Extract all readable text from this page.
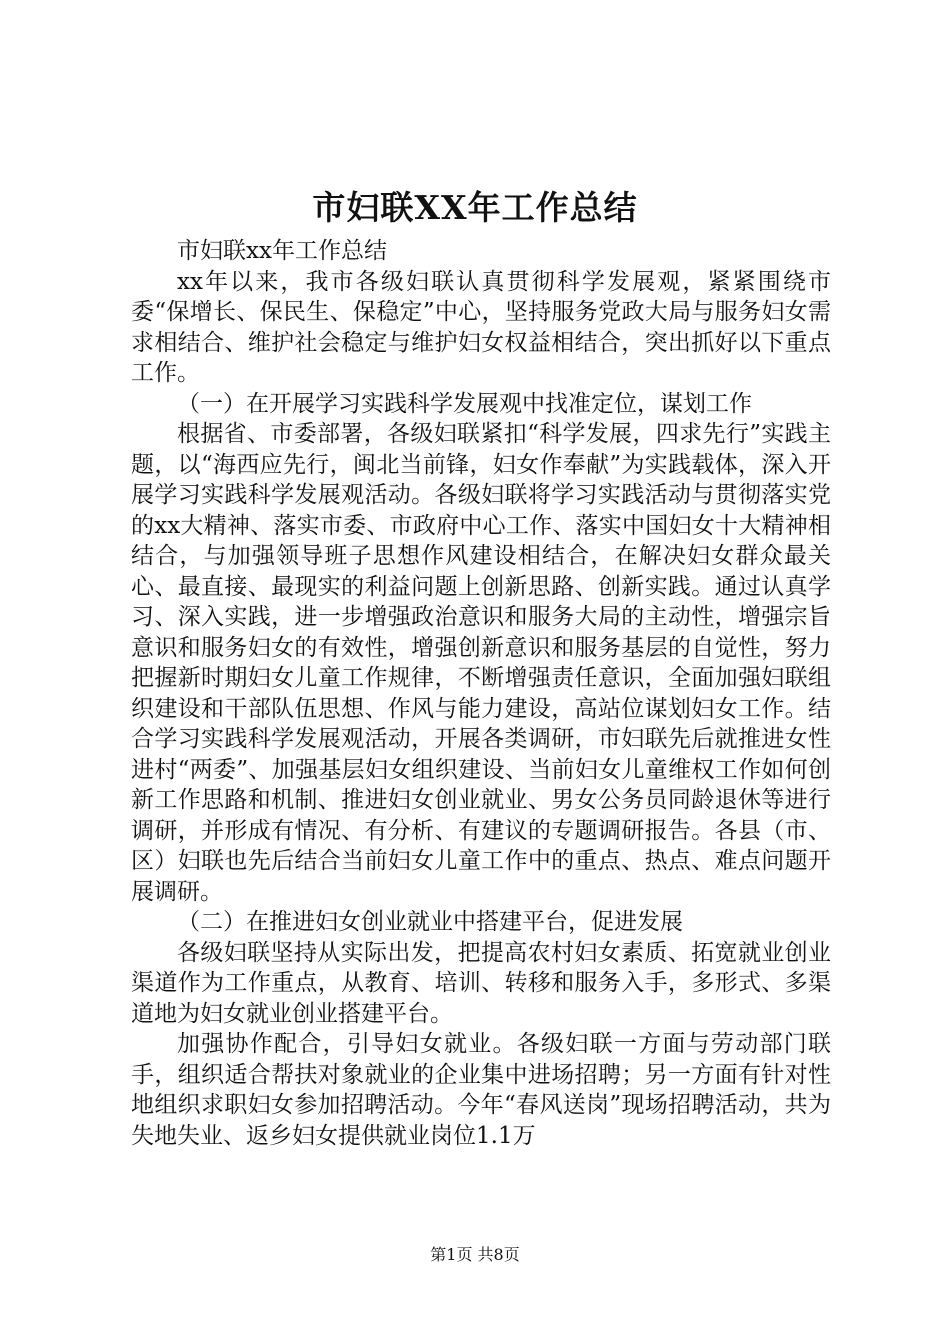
市妇联XX年工作总结

市妇联xx年工作总结

xx年以来，我市各级妇联认真贯彻科学发展观，紧紧围绕市委“保增长、保民生、保稳定”中心，坚持服务党政大局与服务妇女需求相结合、维护社会稳定与维护妇女权益相结合，突出抓好以下重点工作。

（一）在开展学习实践科学发展观中找准定位，谋划工作

根据省、市委部署，各级妇联紧扣“科学发展，四求先行”实践主题，以“海西应先行，闽北当前锋，妇女作奉献”为实践载体，深入开展学习实践科学发展观活动。各级妇联将学习实践活动与贯彻落实党的xx大精神、落实市委、市政府中心工作、落实中国妇女十大精神相结合，与加强领导班子思想作风建设相结合，在解决妇女群众最关心、最直接、最现实的利益问题上创新思路、创新实践。通过认真学习、深入实践，进一步增强政治意识和服务大局的主动性，增强宗旨意识和服务妇女的有效性，增强创新意识和服务基层的自觉性，努力把握新时期妇女儿童工作规律，不断增强责任意识，全面加强妇联组织建设和干部队伍思想、作风与能力建设，高站位谋划妇女工作。结合学习实践科学发展观活动，开展各类调研，市妇联先后就推进女性进村“两委”、加强基层妇女组织建设、当前妇女儿童维权工作如何创新工作思路和机制、推进妇女创业就业、男女公务员同龄退休等进行调研，并形成有情况、有分析、有建议的专题调研报告。各县（市、区）妇联也先后结合当前妇女儿童工作中的重点、热点、难点问题开展调研。

（二）在推进妇女创业就业中搭建平台，促进发展

各级妇联坚持从实际出发，把提高农村妇女素质、拓宽就业创业渠道作为工作重点，从教育、培训、转移和服务入手，多形式、多渠道地为妇女就业创业搭建平台。

加强协作配合，引导妇女就业。各级妇联一方面与劳动部门联手，组织适合帮扶对象就业的企业集中进场招聘；另一方面有针对性地组织求职妇女参加招聘活动。今年“春风送岗”现场招聘活动，共为失地失业、返乡妇女提供就业岗位1.1万

第1页 共8页
